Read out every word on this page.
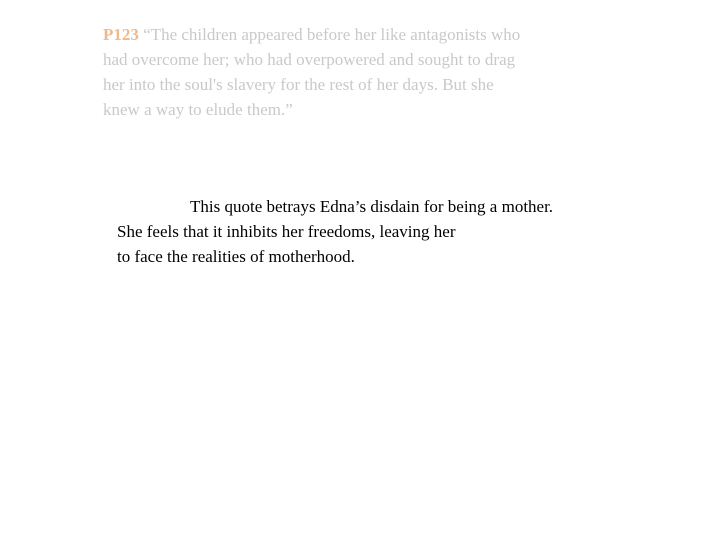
P123 “The children appeared before her like antagonists who
had overcome her; who had overpowered and sought to drag
her into the soul's slavery for the rest of her days. But she
knew a way to elude them.”
This quote betrays Edna’s disdain for being a mother.
She feels that it inhibits her freedoms, leaving her
to face the realities of motherhood.
